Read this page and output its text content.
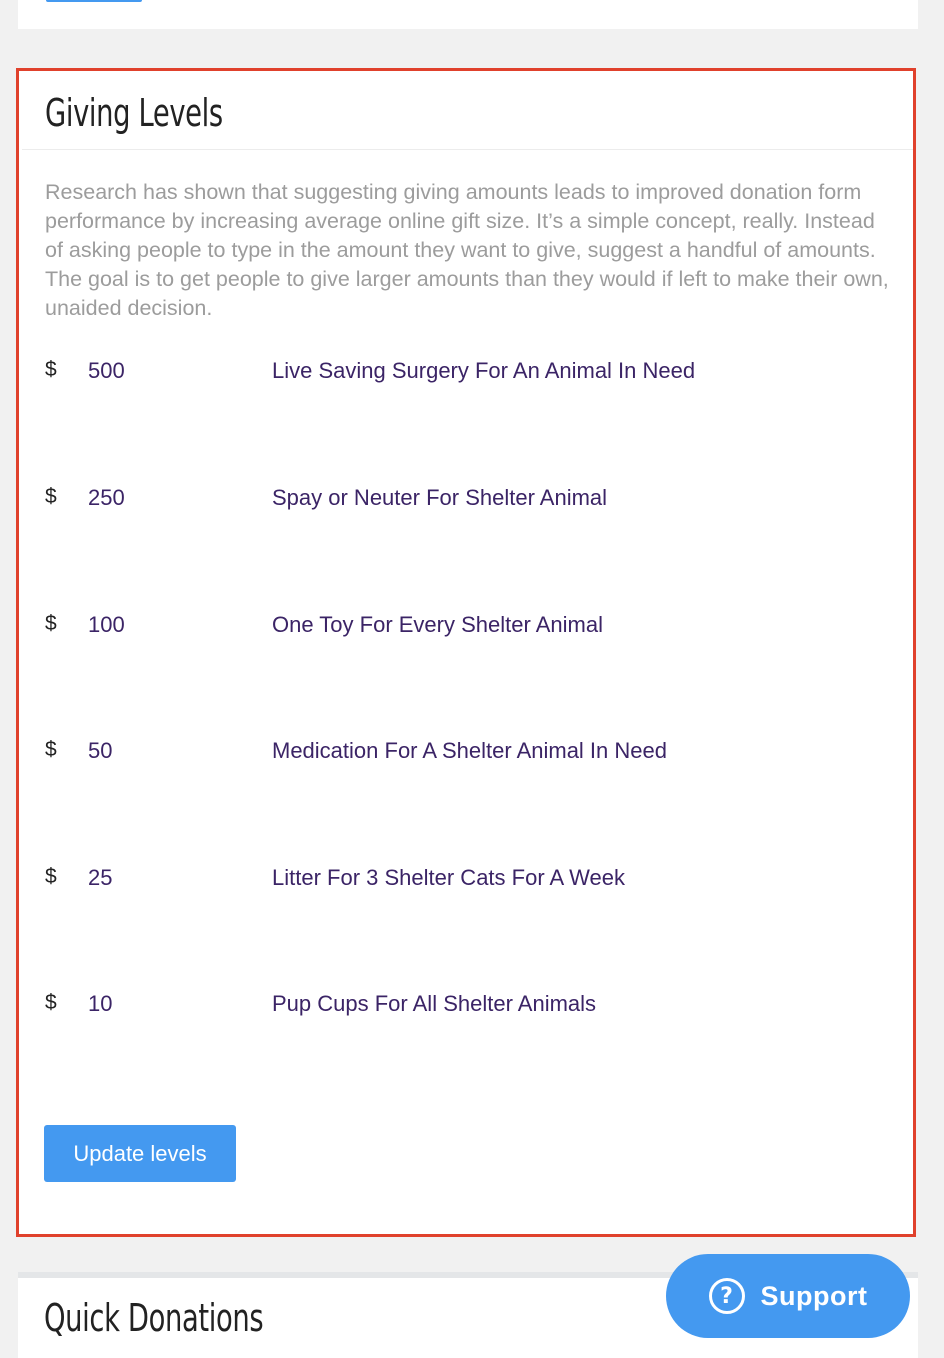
Giving Levels

Research has shown that suggesting giving amounts leads to improved donation form performance by increasing average online gift size. It’s a simple concept, really. Instead of asking people to type in the amount they want to give, suggest a handful of amounts. The goal is to get people to give larger amounts than they would if left to make their own, unaided decision.

$ 500	Live Saving Surgery For An Animal In Need
$ 250	Spay or Neuter For Shelter Animal
$ 100	One Toy For Every Shelter Animal
$ 50	Medication For A Shelter Animal In Need
$ 25	Litter For 3 Shelter Cats For A Week
$ 10	Pup Cups For All Shelter Animals
Update levels
Quick Donations	?	Support
